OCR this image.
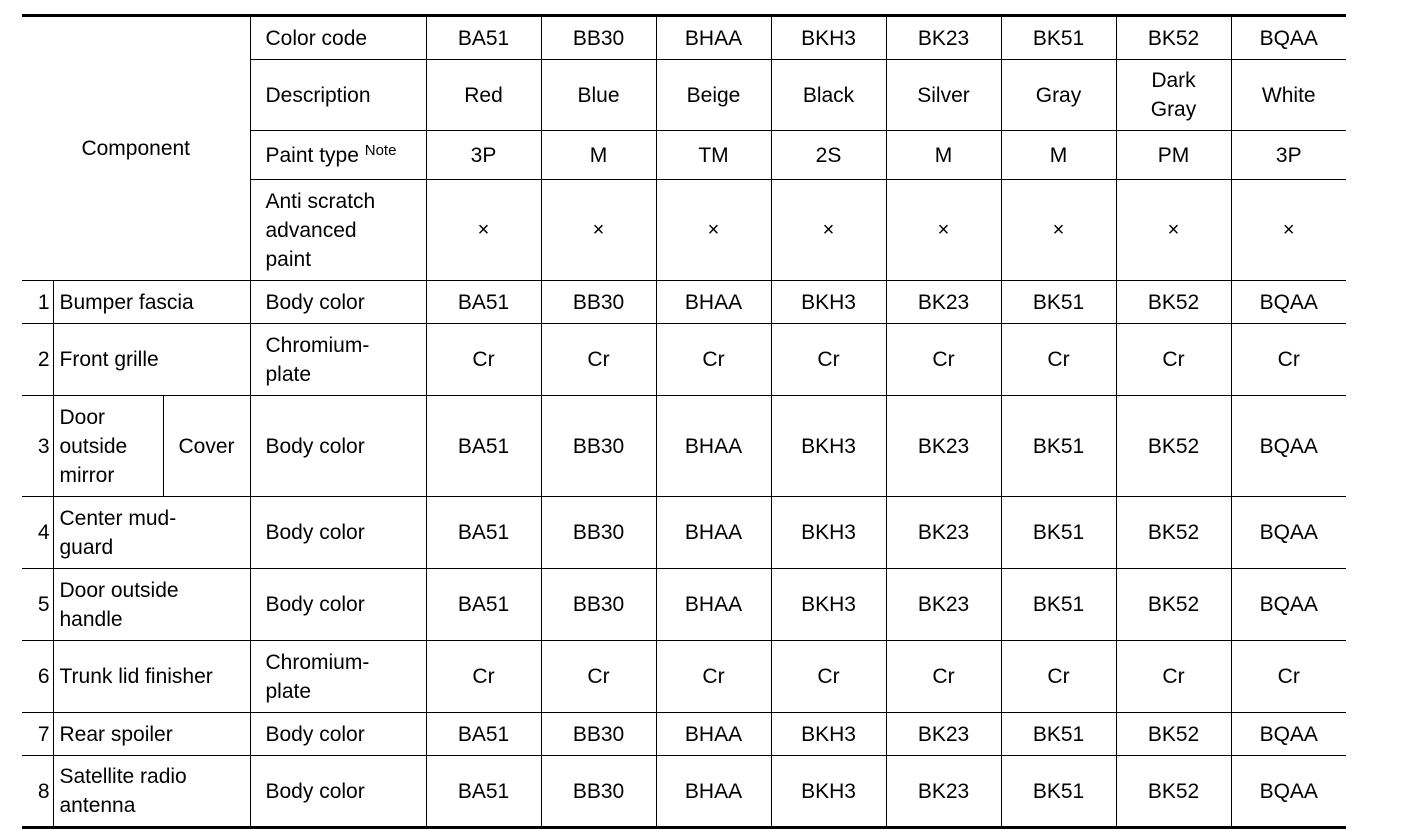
Component			Color code	BA51	BB30	BHAA	BKH3	BK23	BK51	BK52	BQAA
			Description	Red	Blue	Beige	Black	Silver	Gray	Dark
Gray	White
			Paint type $^{Note}$	3P	M	TM	2S	M	M	PM	3P
			Anti scratch
advanced
paint	×	×	×	×	×	×	×	×
1	Bumper fascia		Body color	BA51	BB30	BHAA	BKH3	BK23	BK51	BK52	BQAA
2	Front grille		Chromium-
plate	Cr	Cr	Cr	Cr	Cr	Cr	Cr	Cr
3	Door
outside
mirror	Cover	Body color	BA51	BB30	BHAA	BKH3	BK23	BK51	BK52	BQAA
4	Center mud-
guard		Body color	BA51	BB30	BHAA	BKH3	BK23	BK51	BK52	BQAA
5	Door outside
handle		Body color	BA51	BB30	BHAA	BKH3	BK23	BK51	BK52	BQAA
6	Trunk lid finisher		Chromium-
plate	Cr	Cr	Cr	Cr	Cr	Cr	Cr	Cr
7	Rear spoiler		Body color	BA51	BB30	BHAA	BKH3	BK23	BK51	BK52	BQAA
8	Satellite radio
antenna		Body color	BA51	BB30	BHAA	BKH3	BK23	BK51	BK52	BQAA
